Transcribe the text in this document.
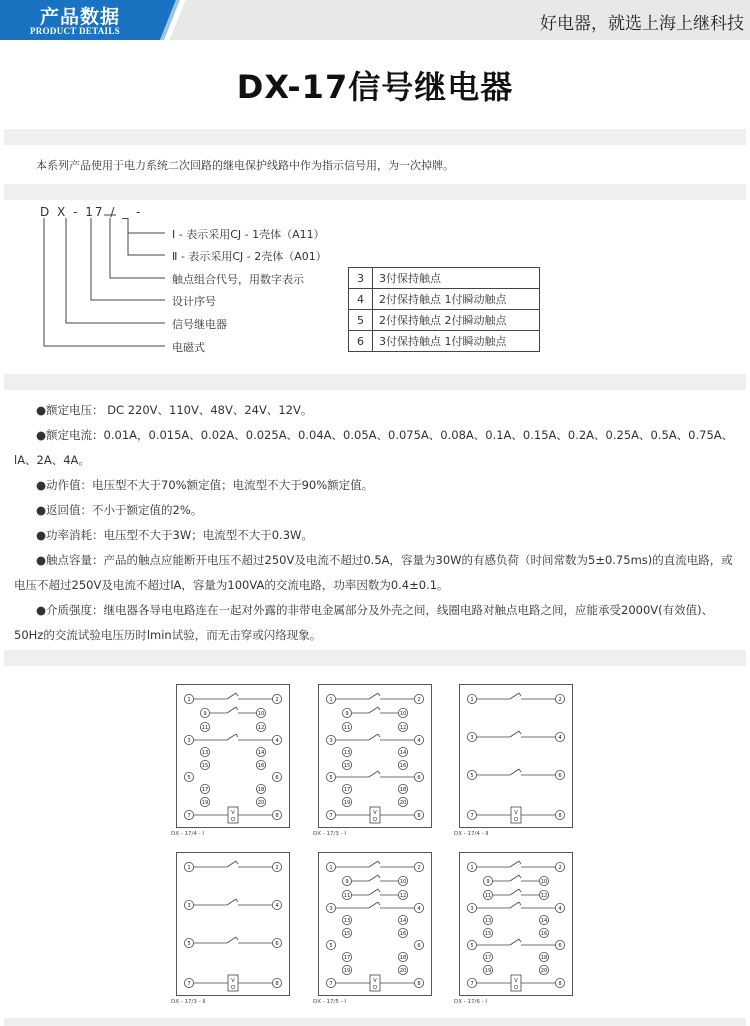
产品数据
PRODUCT DETAILS	好电器，就选上海上继科技
DX-17信号继电器
本系列产品使用于电力系统二次回路的继电保护线路中作为指示信号用，为一次掉牌。
D X - 17 / _ -
Ⅰ - 表示采用CJ - 1壳体（A11）
Ⅱ - 表示采用CJ - 2壳体（A01）
触点组合代号，用数字表示
设计序号
信号继电器
电磁式
3	3付保持触点
4	2付保持触点 1付瞬动触点
5	2付保持触点 2付瞬动触点
6	3付保持触点 1付瞬动触点

●额定电压： DC 220V、110V、48V、24V、12V。

●额定电流：0.01A，0.015A、0.02A、0.025A、0.04A、0.05A、0.075A、0.08A、0.1A、0.15A、0.2A、0.25A、0.5A、0.75A、lA、2A、4A。

●动作值：电压型不大于70%额定值；电流型不大于90%额定值。

●返回值：不小于额定值的2%。

●功率消耗：电压型不大于3W；电流型不大于0.3W。

●触点容量：产品的触点应能断开电压不超过250V及电流不超过0.5A，容量为30W的有感负荷（时间常数为5±0.75ms)的直流电路，或电压不超过250V及电流不超过lA，容量为100VA的交流电路，功率因数为0.4±0.1。

●介质强度：继电器各导电电路连在一起对外露的非带电金属部分及外壳之间，线圈电路对触点电路之间，应能承受2000V(有效值)、50Hz的交流试验电压历时lmin试验，而无击穿或闪络现象。

V
1	2
9	10
11	12
3	4
13	14
15	16
5	6
17	18
19	20
7	8
DX - 17/4 - Ⅰ
V
1	2
9	10
11	12
3	4
13	14
15	16
5	6
17	18
19	20
7	8
DX - 17/3 - Ⅰ
V
1	2
3	4
5	6
7	8
DX - 17/4 - Ⅱ
V
1	2
3	4
5	6
7	8
DX - 17/3 - Ⅱ
V
1	2
9	10
11	12
3	4
13	14
15	16
5	6
17	18
19	20
7	8
DX - 17/5 - Ⅰ
V
1	2
9	10
11	12
3	4
13	14
15	16
5	6
17	18
19	20
7	8
DX - 17/6 - Ⅰ
